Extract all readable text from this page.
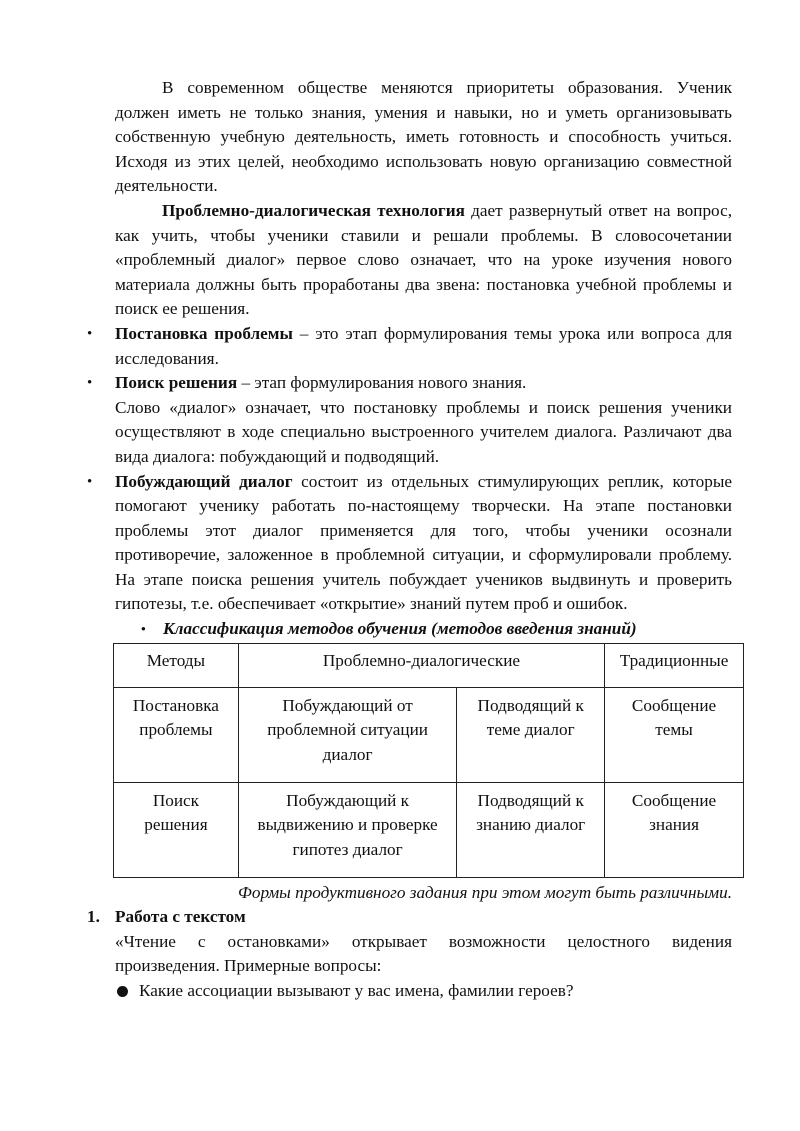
В современном обществе меняются приоритеты образования. Ученик должен иметь не только знания, умения и навыки, но и уметь организовывать собственную учебную деятельность, иметь готовность и способность учиться. Исходя из этих целей, необходимо использовать новую организацию совместной деятельности.

Проблемно-диалогическая технология дает развернутый ответ на вопрос, как учить, чтобы ученики ставили и решали проблемы. В словосочетании «проблемный диалог» первое слово означает, что на уроке изучения нового материала должны быть проработаны два звена: постановка учебной проблемы и поиск ее решения.

• Постановка проблемы – это этап формулирования темы урока или вопроса для исследования.
• Поиск решения – этап формулирования нового знания.

Слово «диалог» означает, что постановку проблемы и поиск решения ученики осуществляют в ходе специально выстроенного учителем диалога. Различают два вида диалога: побуждающий и подводящий.

• Побуждающий диалог состоит из отдельных стимулирующих реплик, которые помогают ученику работать по-настоящему творчески. На этапе постановки проблемы этот диалог применяется для того, чтобы ученики осознали противоречие, заложенное в проблемной ситуации, и сформулировали проблему. На этапе поиска решения учитель побуждает учеников выдвинуть и проверить гипотезы, т.е. обеспечивает «открытие» знаний путем проб и ошибок.
• Классификация методов обучения (методов введения знаний)
Методы	Проблемно-диалогические		Традиционные
Постановка проблемы	Побуждающий от проблемной ситуации диалог	Подводящий к теме диалог	Сообщение темы
Поиск решения	Побуждающий к выдвижению и проверке гипотез диалог	Подводящий к знанию диалог	Сообщение знания

Формы продуктивного задания при этом могут быть различными.

1. Работа с текстом

«Чтение с остановками» открывает возможности целостного видения произведения. Примерные вопросы:

Какие ассоциации вызывают у вас имена, фамилии героев?
